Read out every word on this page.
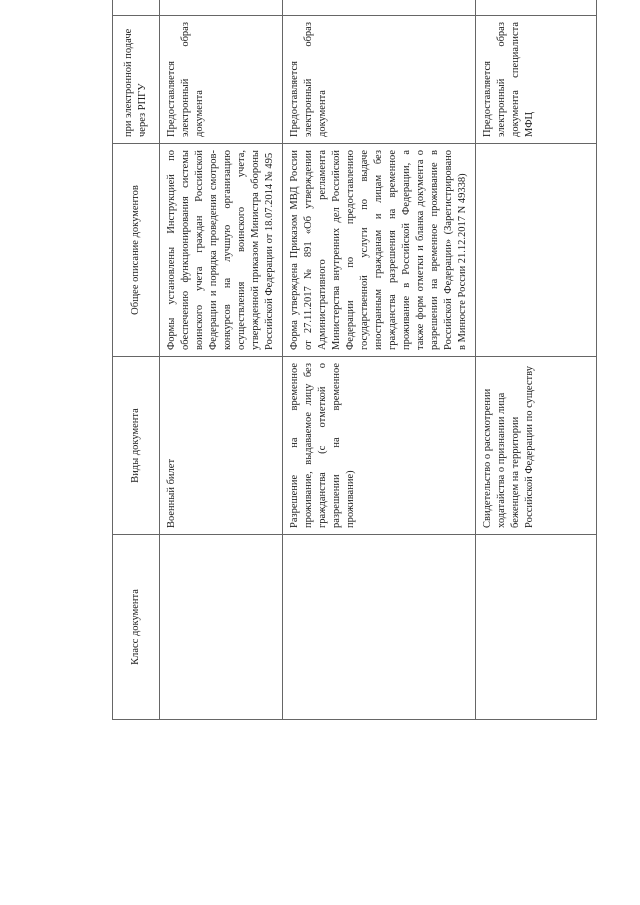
Класс документа	Виды документа	Общее описание документов	при электронной подаче через РПГУ	
	Военный билет	Формы установлены Инструкцией по обеспечению функционирования системы воинского учета граждан Российской Федерации и порядка проведения смотров-конкурсов на лучшую организацию осуществления воинского учета, утвержденной приказом Министра обороны Российской Федерации от 18.07.2014 № 495	Предоставляется электронный образ документа	
	Разрешение на временное проживание, выдаваемое лицу без гражданства (с отметкой о разрешении на временное проживание)	Форма утверждена Приказом МВД России от 27.11.2017 № 891 «Об утверждении Административного регламента Министерства внутренних дел Российской Федерации по предоставлению государственной услуги по выдаче иностранным гражданам и лицам без гражданства разрешения на временное проживание в Российской Федерации, а также форм отметки и бланка документа о разрешении на временное проживание в Российской Федерации» (Зарегистрировано в Минюсте России 21.12.2017 N 49338)	Предоставляется электронный образ документа	
	Свидетельство о рассмотрении ходатайства о признании лица беженцем на территории Российской Федерации по существу		Предоставляется электронный образ документа специалиста МФЦ	
